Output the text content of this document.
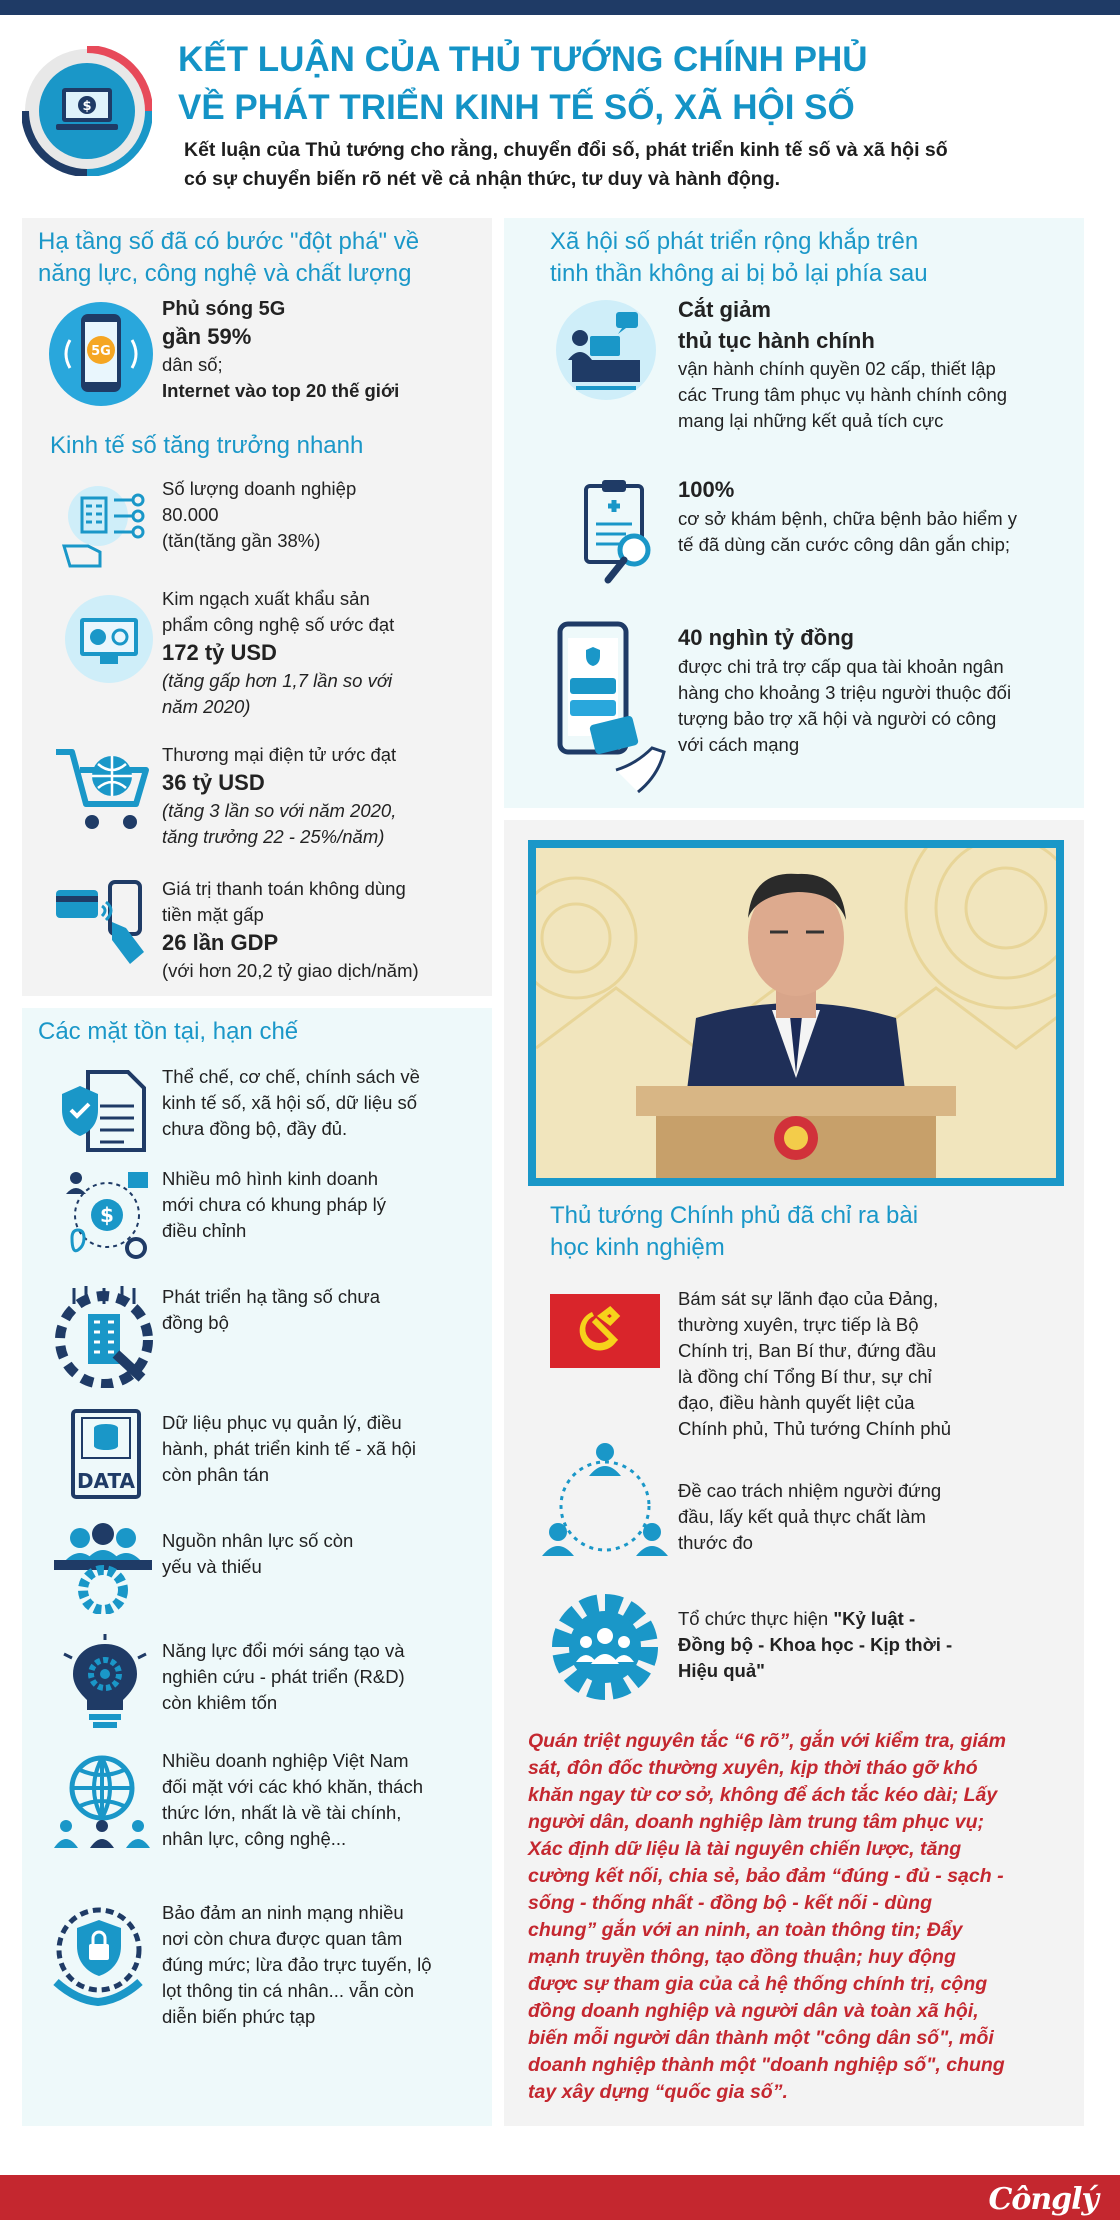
$
KẾT LUẬN CỦA THỦ TƯỚNG CHÍNH PHỦ
VỀ PHÁT TRIỂN KINH TẾ SỐ, XÃ HỘI SỐ
Kết luận của Thủ tướng cho rằng, chuyển đổi số, phát triển kinh tế số và xã hội số
có sự chuyển biến rõ nét về cả nhận thức, tư duy và hành động.
Hạ tầng số đã có bước "đột phá" về
năng lực, công nghệ và chất lượng
5G
Phủ sóng 5G
gần 59%
dân số;
Internet vào top 20 thế giới
Kinh tế số tăng trưởng nhanh
Số lượng doanh nghiệp
80.000
(tăn(tăng gần 38%)
Kim ngạch xuất khẩu sản
phẩm công nghệ số ước đạt
172 tỷ USD
(tăng gấp hơn 1,7 lần so với
năm 2020)
Thương mại điện tử ước đạt
36 tỷ USD
(tăng 3 lần so với năm 2020,
tăng trưởng 22 - 25%/năm)
Giá trị thanh toán không dùng
tiền mặt gấp
26 lần GDP
(với hơn 20,2 tỷ giao dịch/năm)
Các mặt tồn tại, hạn chế
Thể chế, cơ chế, chính sách về
kinh tế số, xã hội số, dữ liệu số
chưa đồng bộ, đầy đủ.
$
Nhiều mô hình kinh doanh
mới chưa có khung pháp lý
điều chỉnh
Phát triển hạ tầng số chưa
đồng bộ
DATA
Dữ liệu phục vụ quản lý, điều
hành, phát triển kinh tế - xã hội
còn phân tán
Nguồn nhân lực số còn
yếu và thiếu
Năng lực đổi mới sáng tạo và
nghiên cứu - phát triển (R&D)
còn khiêm tốn
Nhiều doanh nghiệp Việt Nam
đối mặt với các khó khăn, thách
thức lớn, nhất là về tài chính,
nhân lực, công nghệ...
Bảo đảm an ninh mạng nhiều
nơi còn chưa được quan tâm
đúng mức; lừa đảo trực tuyến, lộ
lọt thông tin cá nhân... vẫn còn
diễn biến phức tạp
Xã hội số phát triển rộng khắp trên
tinh thần không ai bị bỏ lại phía sau
Cắt giảm
thủ tục hành chính
vận hành chính quyền 02 cấp, thiết lập
các Trung tâm phục vụ hành chính công
mang lại những kết quả tích cực
100%
cơ sở khám bệnh, chữa bệnh bảo hiểm y
tế đã dùng căn cước công dân gắn chip;
40 nghìn tỷ đồng
được chi trả trợ cấp qua tài khoản ngân
hàng cho khoảng 3 triệu người thuộc đối
tượng bảo trợ xã hội và người có công
với cách mạng
Thủ tướng Chính phủ đã chỉ ra bài
học kinh nghiệm
Bám sát sự lãnh đạo của Đảng,
thường xuyên, trực tiếp là Bộ
Chính trị, Ban Bí thư, đứng đầu
là đồng chí Tổng Bí thư, sự chỉ
đạo, điều hành quyết liệt của
Chính phủ, Thủ tướng Chính phủ
Đề cao trách nhiệm người đứng
đầu, lấy kết quả thực chất làm
thước đo
Tổ chức thực hiện "Kỷ luật -
Đồng bộ - Khoa học - Kịp thời -
Hiệu quả"
Quán triệt nguyên tắc “6 rõ”, gắn với kiểm tra, giám
sát, đôn đốc thường xuyên, kịp thời tháo gỡ khó
khăn ngay từ cơ sở, không để ách tắc kéo dài; Lấy
người dân, doanh nghiệp làm trung tâm phục vụ;
Xác định dữ liệu là tài nguyên chiến lược, tăng
cường kết nối, chia sẻ, bảo đảm “đúng - đủ - sạch -
sống - thống nhất - đồng bộ - kết nối - dùng
chung” gắn với an ninh, an toàn thông tin; Đẩy
mạnh truyền thông, tạo đồng thuận; huy động
được sự tham gia của cả hệ thống chính trị, cộng
đồng doanh nghiệp và người dân và toàn xã hội,
biến mỗi người dân thành một "công dân số", mỗi
doanh nghiệp thành một "doanh nghiệp số", chung
tay xây dựng “quốc gia số”.
Cônglý
